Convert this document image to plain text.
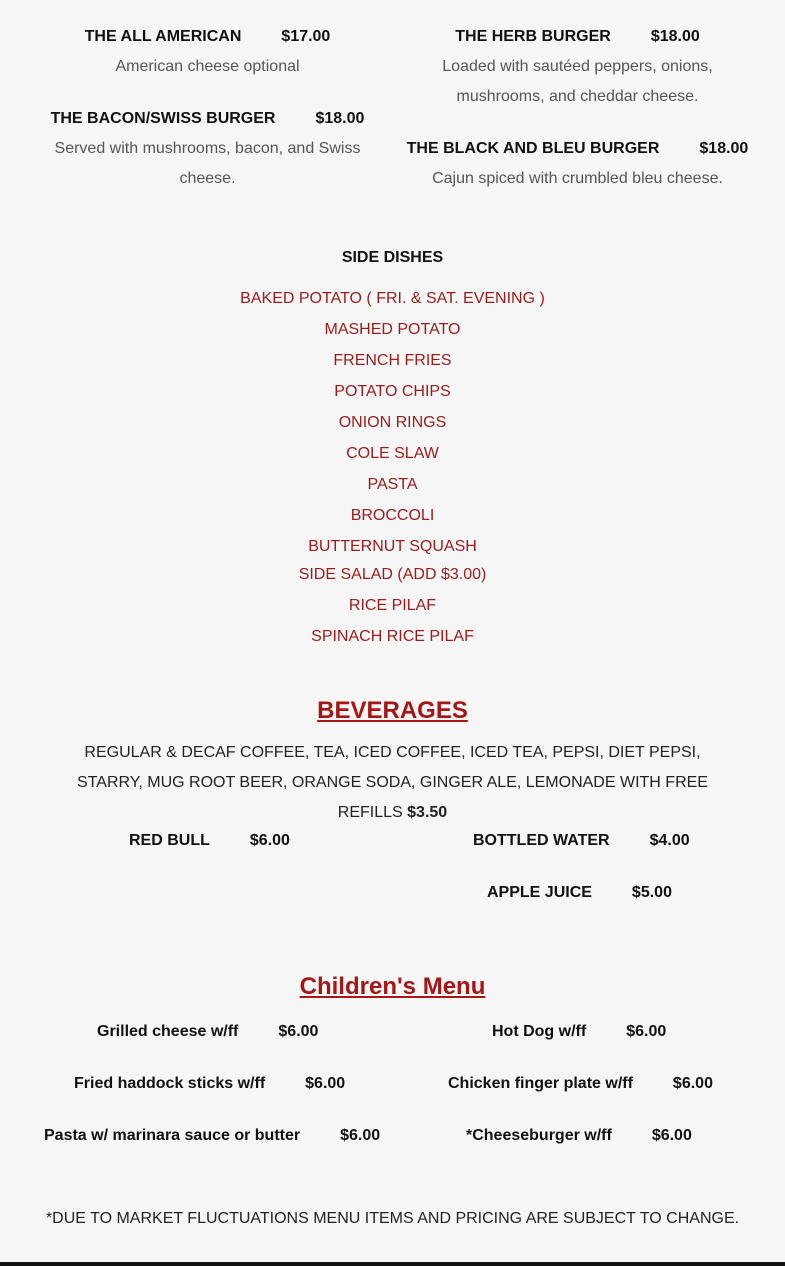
THE ALL AMERICAN	$17.00
American cheese optional
THE BACON/SWISS BURGER	$18.00
Served with mushrooms, bacon, and Swiss cheese.
THE HERB BURGER	$18.00
Loaded with sautéed peppers, onions, mushrooms, and cheddar cheese.
THE BLACK AND BLEU BURGER	$18.00
Cajun spiced with crumbled bleu cheese.
SIDE DISHES
BAKED POTATO ( FRI. & SAT. EVENING )
MASHED POTATO
FRENCH FRIES
POTATO CHIPS
ONION RINGS
COLE SLAW
PASTA
BROCCOLI
BUTTERNUT SQUASH
SIDE SALAD (ADD $3.00)
RICE PILAF
SPINACH RICE PILAF
BEVERAGES
REGULAR & DECAF COFFEE, TEA, ICED COFFEE, ICED TEA, PEPSI, DIET PEPSI, STARRY, MUG ROOT BEER, ORANGE SODA, GINGER ALE, LEMONADE WITH FREE REFILLS $3.50
RED BULL	$6.00	BOTTLED WATER	$4.00
APPLE JUICE	$5.00
Children's Menu
Grilled cheese w/ff	$6.00	Hot Dog w/ff	$6.00
Fried haddock sticks w/ff	$6.00	Chicken finger plate w/ff	$6.00
Pasta w/ marinara sauce or butter	$6.00	*Cheeseburger w/ff	$6.00
*DUE TO MARKET FLUCTUATIONS MENU ITEMS AND PRICING ARE SUBJECT TO CHANGE.
